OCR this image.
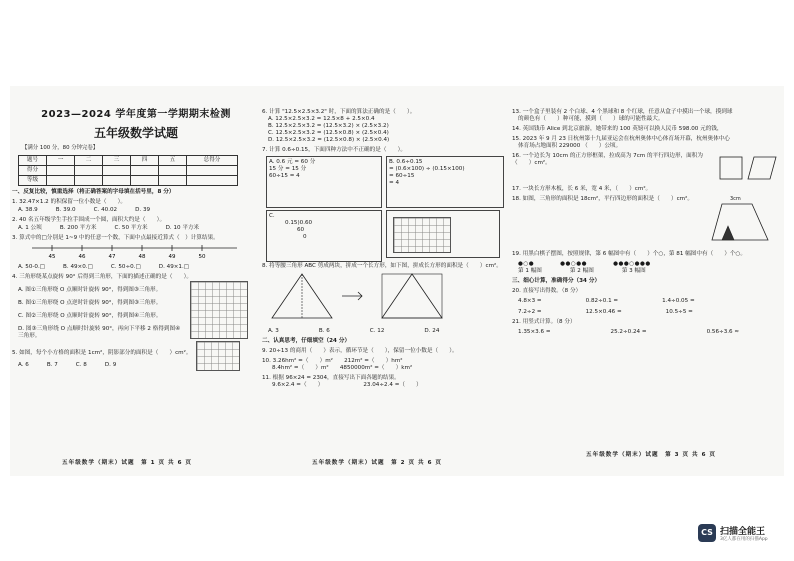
2023—2024 学年度第一学期期末检测
五年级数学试题
【满分 100 分，80 分钟完卷】
题号	一	二	三	四	五	总得分
得分						
等级						
一、反复比较，慎重选择（将正确答案的字母填在括号里，8 分）
1. 32.47×1.2 的积保留一位小数是（　　）。
A. 38.9	B. 39.0	C. 40.02	D. 39
2. 40 名五年级学生手拉手围成一个圆，面积大约是（　　）。
A. 1 公顷	B. 200 平方米	C. 50 平方米	D. 10 平方米
3. 算式中的□分别是 1~9 中的任意一个数，下面中点最接近算式（　）计算结果。
45	46	47	48	49	50
A. 50-0.□	B. 49×0.□	C. 50÷0.□	D. 49×1.□
4. 三角形绕某点旋转 90° 后得到三角形，下面的描述正确的是（　　）。
A. 图①三角形绕 O 点顺时针旋转 90°，得到图③三角形。
B. 图①三角形绕 O 点逆时针旋转 90°，得到图③三角形。
C. 图②三角形绕 O 点顺时针旋转 90°，得到图④三角形。
D. 图③三角形绕 O 点顺时针旋转 90°，再向下平移 2 格得到图④三角形。
5. 如图，每个小方格的面积是 1cm²，阴影部分的面积是（　　）cm²。
A. 6	B. 7	C. 8	D. 9
五年级数学（期末）试题　第 1 页 共 6 页
6. 计算 "12.5×2.5×3.2" 时，下面的算法正确的是（　　）。
A. 12.5×2.5×3.2 = 12.5×8 + 2.5×0.4
B. 12.5×2.5×3.2 = (12.5×3.2) × (2.5×3.2)
C. 12.5×2.5×3.2 = (12.5×0.8) × (2.5×0.4)
D. 12.5×2.5×3.2 = (12.5×0.8) × (2.5×0.4)
7. 计算 0.6÷0.15，下面四种方法中不正确的是（　　）。
A. 0.6 元 = 60 分
15 分 = 15 分
60÷15 = 4
B. 0.6÷0.15
= (0.6×100) ÷ (0.15×100)
= 60÷15
= 4
C.
0.15)0.60
60
0
8. 将等腰三角形 ABC 剪成两块，拼成一个长方形，如下图，拼成长方形的面积是（　　）cm²。
A. 3	B. 6	C. 12	D. 24
二、认真思考，仔细填空（24 分）
9. 20÷13 的商用（　　）表示，循环节是（　　），保留一位小数是（　　）。
10. 3.26hm² =（　　）m²　　212m² =（　　）hm²
8.4hm² =（　　）m²　　4850000m² =（　　）km²
11. 根据 96×24 = 2304，直接写出下面各题的结果。
9.6×2.4 =（　　）	23.04÷2.4 =（　　）
五年级数学（期末）试题　第 2 页 共 6 页
13. 一个盒子里装有 2 个白球、4 个黑球和 8 个红球，任意从盒子中摸出一个球，摸到球
的颜色有（　　）种可能，摸到（　　）球的可能性最大。
14. 英国钱币 Alice 到北京旅游，她带来的 100 英镑可以换人民币 598.00 元的钱，
15. 2023 年 9 月 23 日杭州第十九届亚运会在杭州奥体中心体育场开幕，杭州奥体中心
体育场占地面积 229000 （　　）公顷。
16. 一个边长为 10cm 的正方形框架，拉成高为 7cm 的平行四边形，面积为（　　）cm²。
17. 一块长方形木板，长 6 米，宽 4 米，（　　）cm²。
18. 如图，三角形的面积是 18cm²，平行四边形的面积是（　　）cm²。	3cm
19. 用黑白棋子摆图，按照规律，第 6 幅图中有（　　）个○，第 81 幅图中有（　　）个○。
●○●	●●○●●	●●●○●●●
第 1 幅图	第 2 幅图	第 3 幅图
三、细心计算，准确得分（34 分）
20. 直接写出得数。（8 分）
4.8×3 =	0.82÷0.1 =	1.4÷0.05 =
7.2÷2 =	12.5×0.46 =	10.5÷5 =
21. 用竖式计算。（8 分）
1.35×3.6 =	25.2÷0.24 =	0.56÷3.6 ≈
五年级数学（期末）试题　第 3 页 共 6 页
CS 扫描全能王
3亿人都在用的扫描App
